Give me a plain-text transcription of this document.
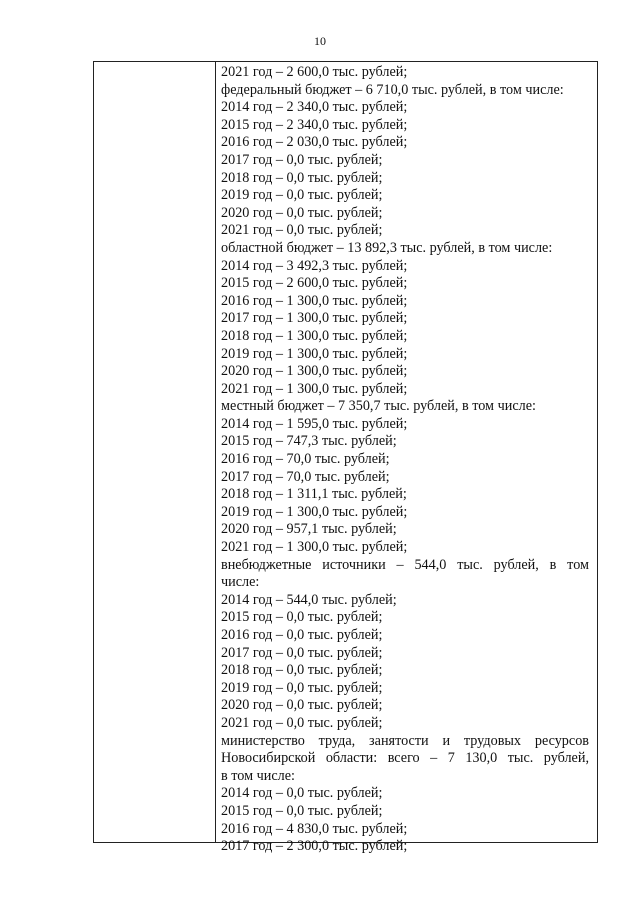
10
2021 год – 2 600,0 тыс. рублей;
федеральный бюджет – 6 710,0 тыс. рублей, в том числе:
2014 год – 2 340,0 тыс. рублей;
2015 год – 2 340,0 тыс. рублей;
2016 год – 2 030,0 тыс. рублей;
2017 год – 0,0 тыс. рублей;
2018 год – 0,0 тыс. рублей;
2019 год – 0,0 тыс. рублей;
2020 год – 0,0 тыс. рублей;
2021 год – 0,0 тыс. рублей;
областной бюджет – 13 892,3 тыс. рублей, в том числе:
2014 год – 3 492,3 тыс. рублей;
2015 год – 2 600,0 тыс. рублей;
2016 год – 1 300,0 тыс. рублей;
2017 год – 1 300,0 тыс. рублей;
2018 год – 1 300,0 тыс. рублей;
2019 год – 1 300,0 тыс. рублей;
2020 год – 1 300,0 тыс. рублей;
2021 год – 1 300,0 тыс. рублей;
местный бюджет – 7 350,7 тыс. рублей, в том числе:
2014 год – 1 595,0 тыс. рублей;
2015 год – 747,3 тыс. рублей;
2016 год – 70,0 тыс. рублей;
2017 год – 70,0 тыс. рублей;
2018 год – 1 311,1 тыс. рублей;
2019 год – 1 300,0 тыс. рублей;
2020 год – 957,1 тыс. рублей;
2021 год – 1 300,0 тыс. рублей;
внебюджетные источники – 544,0 тыс. рублей, в том
числе:
2014 год – 544,0 тыс. рублей;
2015 год – 0,0 тыс. рублей;
2016 год – 0,0 тыс. рублей;
2017 год – 0,0 тыс. рублей;
2018 год – 0,0 тыс. рублей;
2019 год – 0,0 тыс. рублей;
2020 год – 0,0 тыс. рублей;
2021 год – 0,0 тыс. рублей;
министерство труда, занятости и трудовых ресурсов
Новосибирской области: всего – 7 130,0 тыс. рублей,
в том числе:
2014 год – 0,0 тыс. рублей;
2015 год – 0,0 тыс. рублей;
2016 год – 4 830,0 тыс. рублей;
2017 год – 2 300,0 тыс. рублей;
